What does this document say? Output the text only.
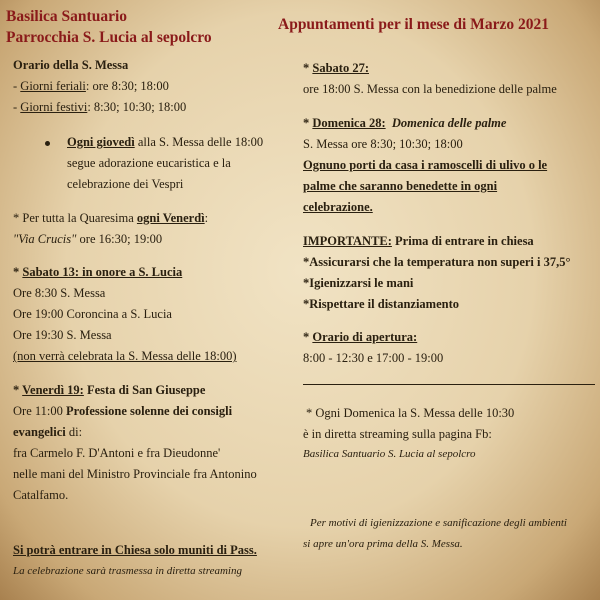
Basilica Santuario
Parrocchia S. Lucia al sepolcro
Appuntamenti per il mese di Marzo 2021
Orario della S. Messa
- Giorni feriali: ore 8:30; 18:00
- Giorni festivi: 8:30; 10:30; 18:00
Ogni giovedì alla S. Messa delle 18:00
segue adorazione eucaristica e la
celebrazione dei Vespri
* Per tutta la Quaresima ogni Venerdì:
"Via Crucis" ore 16:30; 19:00
* Sabato 13: in onore a S. Lucia
Ore 8:30 S. Messa
Ore 19:00 Coroncina a S. Lucia
Ore 19:30 S. Messa
(non verrà celebrata la S. Messa delle 18:00)
* Venerdì 19: Festa di San Giuseppe
Ore 11:00 Professione solenne dei consigli
evangelici di:
fra Carmelo F. D'Antoni e fra Dieudonne'
nelle mani del Ministro Provinciale fra Antonino
Catalfamo.
Si potrà entrare in Chiesa solo muniti di Pass.
La celebrazione sarà trasmessa in diretta streaming
* Sabato 27:
ore 18:00 S. Messa con la benedizione delle palme
* Domenica 28: Domenica delle palme
S. Messa ore 8:30; 10:30; 18:00
Ognuno porti da casa i ramoscelli di ulivo o le
palme che saranno benedette in ogni
celebrazione.
IMPORTANTE: Prima di entrare in chiesa
*Assicurarsi che la temperatura non superi i 37,5°
*Igienizzarsi le mani
*Rispettare il distanziamento
* Orario di apertura:
8:00 - 12:30 e 17:00 - 19:00
* Ogni Domenica la S. Messa delle 10:30
è in diretta streaming sulla pagina Fb:
Basilica Santuario S. Lucia al sepolcro
Per motivi di igienizzazione e sanificazione degli ambienti
si apre un'ora prima della S. Messa.
